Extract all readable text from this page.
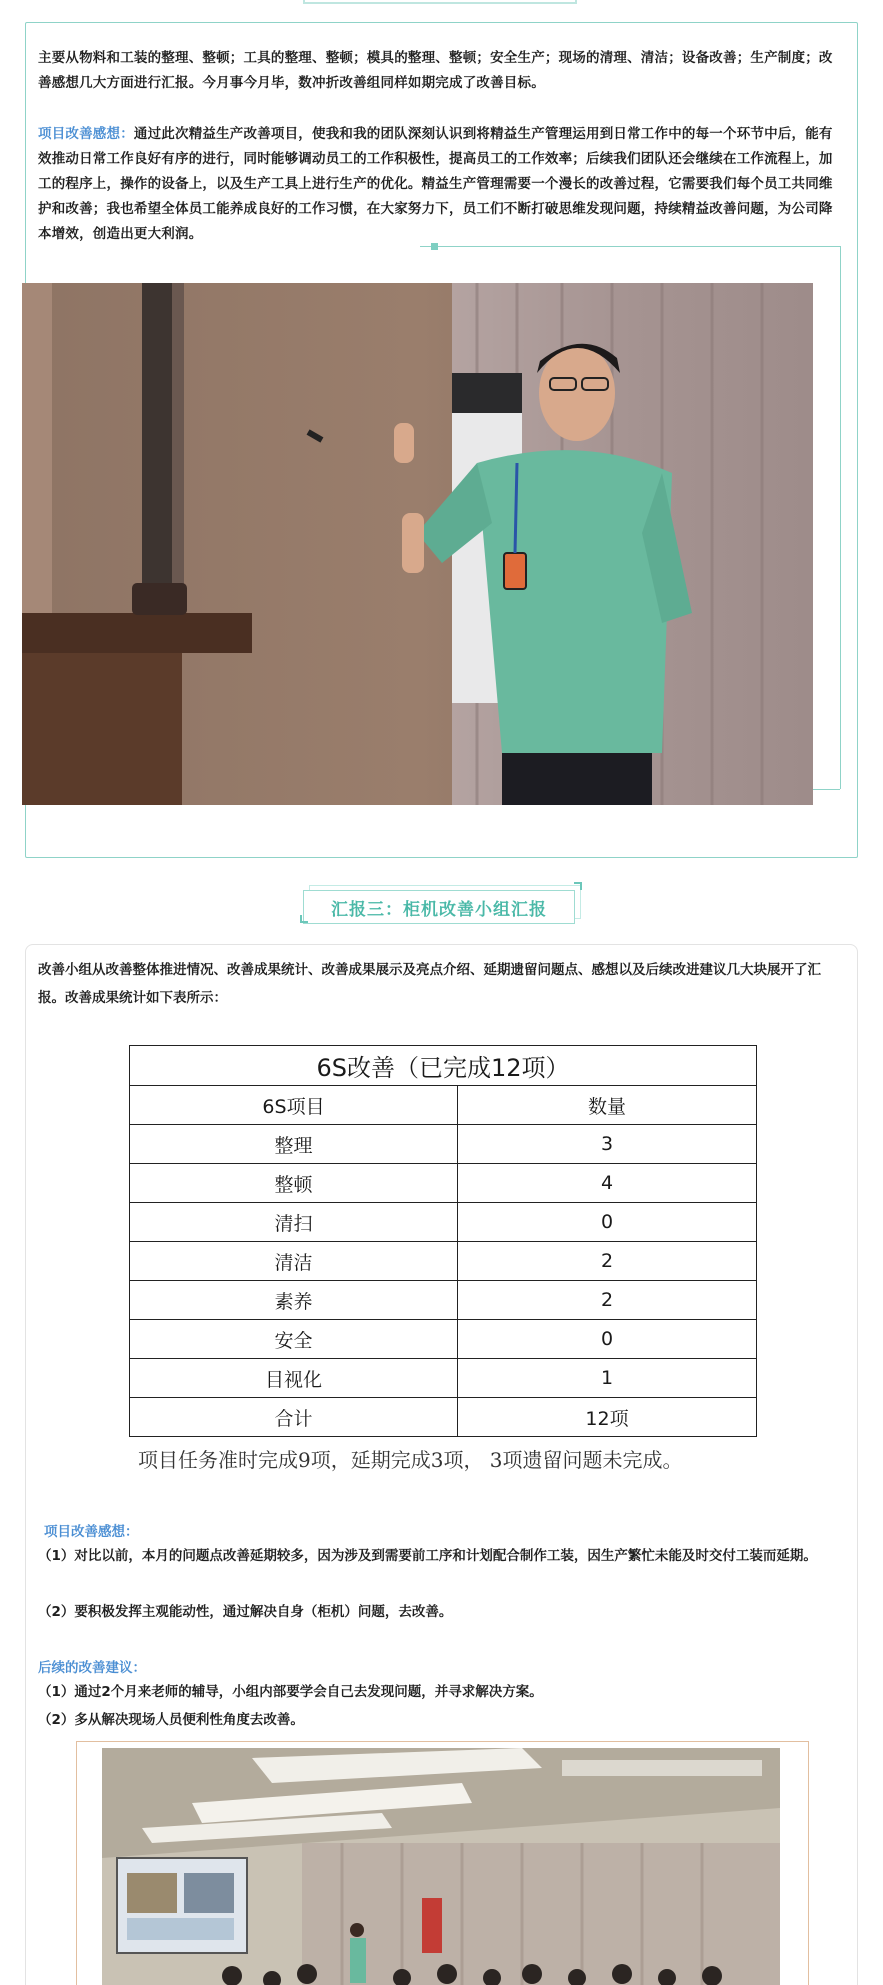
主要从物料和工装的整理、整顿；工具的整理、整顿；模具的整理、整顿；安全生产；现场的清理、清洁；设备改善；生产制度；改善感想几大方面进行汇报。今月事今月毕，数冲折改善组同样如期完成了改善目标。
项目改善感想：通过此次精益生产改善项目，使我和我的团队深刻认识到将精益生产管理运用到日常工作中的每一个环节中后，能有效推动日常工作良好有序的进行，同时能够调动员工的工作积极性，提高员工的工作效率；后续我们团队还会继续在工作流程上，加工的程序上，操作的设备上，以及生产工具上进行生产的优化。精益生产管理需要一个漫长的改善过程，它需要我们每个员工共同维护和改善；我也希望全体员工能养成良好的工作习惯，在大家努力下，员工们不断打破思维发现问题，持续精益改善问题，为公司降本增效，创造出更大利润。
汇报三：柜机改善小组汇报
改善小组从改善整体推进情况、改善成果统计、改善成果展示及亮点介绍、延期遗留问题点、感想以及后续改进建议几大块展开了汇报。改善成果统计如下表所示：
6S改善（已完成12项）	
6S项目	数量
整理	3
整顿	4
清扫	0
清洁	2
素养	2
安全	0
目视化	1
合计	12项
项目任务准时完成9项，延期完成3项， 3项遗留问题未完成。
项目改善感想：
（1）对比以前，本月的问题点改善延期较多，因为涉及到需要前工序和计划配合制作工装，因生产繁忙未能及时交付工装而延期。
（2）要积极发挥主观能动性，通过解决自身（柜机）问题，去改善。
后续的改善建议：
（1）通过2个月来老师的辅导，小组内部要学会自己去发现问题，并寻求解决方案。
（2）多从解决现场人员便利性角度去改善。
